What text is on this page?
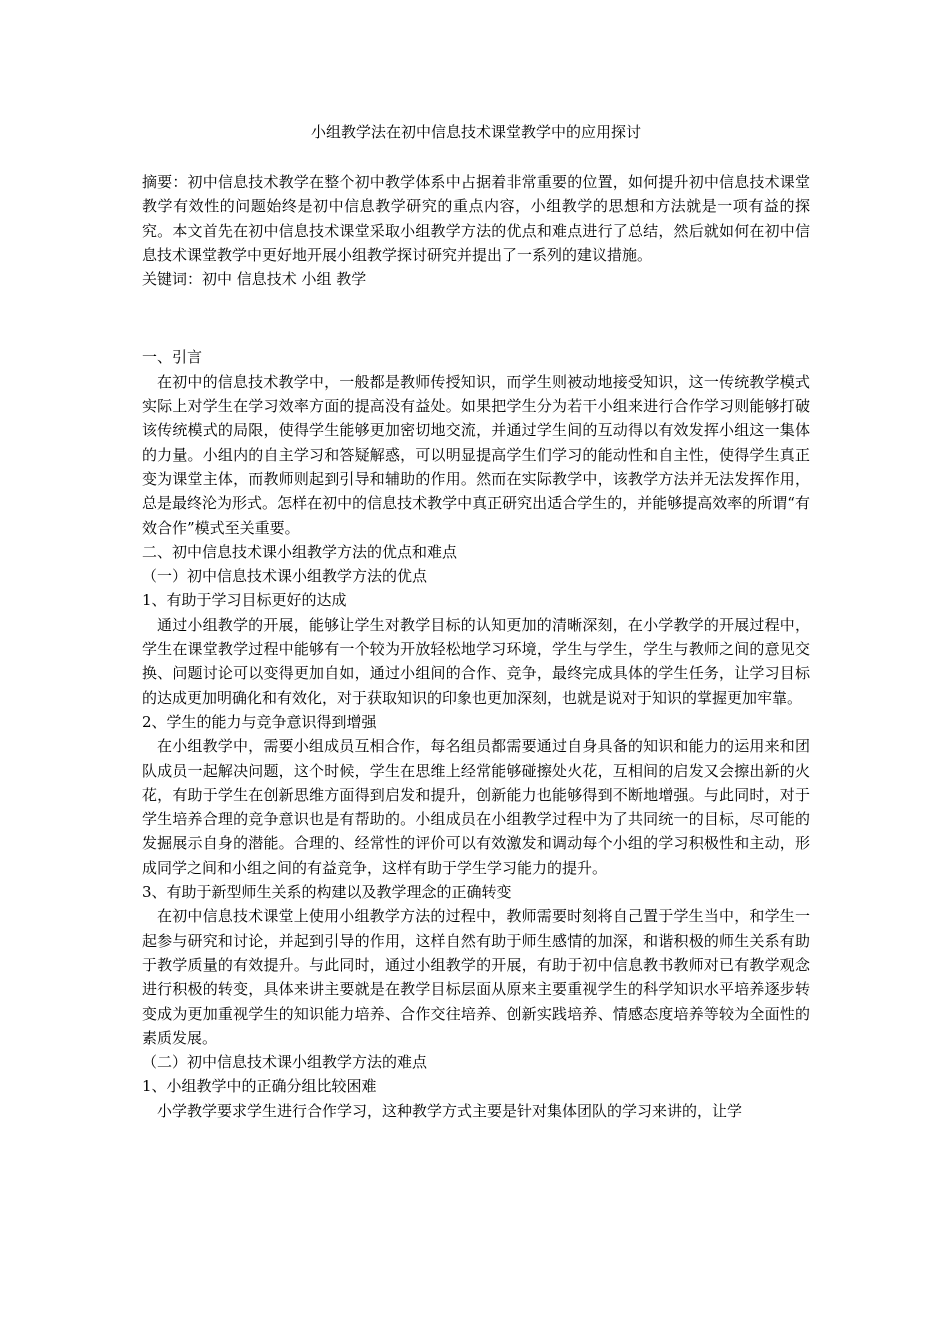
小组教学法在初中信息技术课堂教学中的应用探讨

摘要：初中信息技术教学在整个初中教学体系中占据着非常重要的位置，如何提升初中信息技术课堂教学有效性的问题始终是初中信息教学研究的重点内容，小组教学的思想和方法就是一项有益的探究。本文首先在初中信息技术课堂采取小组教学方法的优点和难点进行了总结，然后就如何在初中信息技术课堂教学中更好地开展小组教学探讨研究并提出了一系列的建议措施。

关键词：初中 信息技术 小组 教学

一、引言

在初中的信息技术教学中，一般都是教师传授知识，而学生则被动地接受知识，这一传统教学模式实际上对学生在学习效率方面的提高没有益处。如果把学生分为若干小组来进行合作学习则能够打破该传统模式的局限，使得学生能够更加密切地交流，并通过学生间的互动得以有效发挥小组这一集体的力量。小组内的自主学习和答疑解惑，可以明显提高学生们学习的能动性和自主性，使得学生真正变为课堂主体，而教师则起到引导和辅助的作用。然而在实际教学中，该教学方法并无法发挥作用，总是最终沦为形式。怎样在初中的信息技术教学中真正研究出适合学生的，并能够提高效率的所谓“有效合作”模式至关重要。

二、初中信息技术课小组教学方法的优点和难点

（一）初中信息技术课小组教学方法的优点

1、有助于学习目标更好的达成

通过小组教学的开展，能够让学生对教学目标的认知更加的清晰深刻，在小学教学的开展过程中，学生在课堂教学过程中能够有一个较为开放轻松地学习环境，学生与学生，学生与教师之间的意见交换、问题讨论可以变得更加自如，通过小组间的合作、竞争，最终完成具体的学生任务，让学习目标的达成更加明确化和有效化，对于获取知识的印象也更加深刻，也就是说对于知识的掌握更加牢靠。

2、学生的能力与竞争意识得到增强

在小组教学中，需要小组成员互相合作，每名组员都需要通过自身具备的知识和能力的运用来和团队成员一起解决问题，这个时候，学生在思维上经常能够碰擦处火花，互相间的启发又会擦出新的火花，有助于学生在创新思维方面得到启发和提升，创新能力也能够得到不断地增强。与此同时，对于学生培养合理的竞争意识也是有帮助的。小组成员在小组教学过程中为了共同统一的目标，尽可能的发掘展示自身的潜能。合理的、经常性的评价可以有效激发和调动每个小组的学习积极性和主动，形成同学之间和小组之间的有益竞争，这样有助于学生学习能力的提升。

3、有助于新型师生关系的构建以及教学理念的正确转变

在初中信息技术课堂上使用小组教学方法的过程中，教师需要时刻将自己置于学生当中，和学生一起参与研究和讨论，并起到引导的作用，这样自然有助于师生感情的加深，和谐积极的师生关系有助于教学质量的有效提升。与此同时，通过小组教学的开展，有助于初中信息教书教师对已有教学观念进行积极的转变，具体来讲主要就是在教学目标层面从原来主要重视学生的科学知识水平培养逐步转变成为更加重视学生的知识能力培养、合作交往培养、创新实践培养、情感态度培养等较为全面性的素质发展。

（二）初中信息技术课小组教学方法的难点

1、小组教学中的正确分组比较困难

小学教学要求学生进行合作学习，这种教学方式主要是针对集体团队的学习来讲的，让学
